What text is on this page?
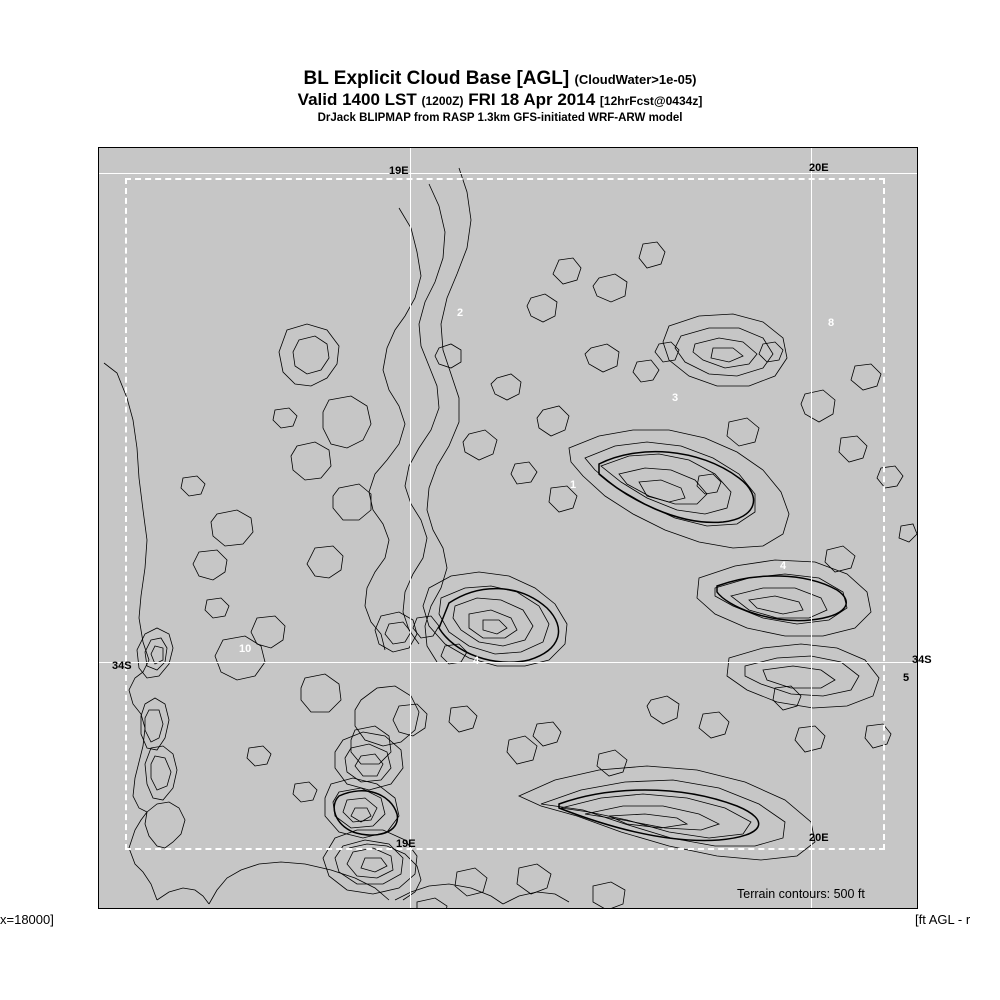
BL Explicit Cloud Base [AGL] (CloudWater>1e-05)
Valid 1400 LST (1200Z) FRI 18 Apr 2014 [12hrFcst@0434z]
DrJack BLIPMAP from RASP 1.3km GFS-initiated WRF-ARW model
19E	20E
19E	20E
2
8
3
1
4
10
4
34S	34S
5
Terrain contours: 500 ft
x=18000]	[ft AGL - r
